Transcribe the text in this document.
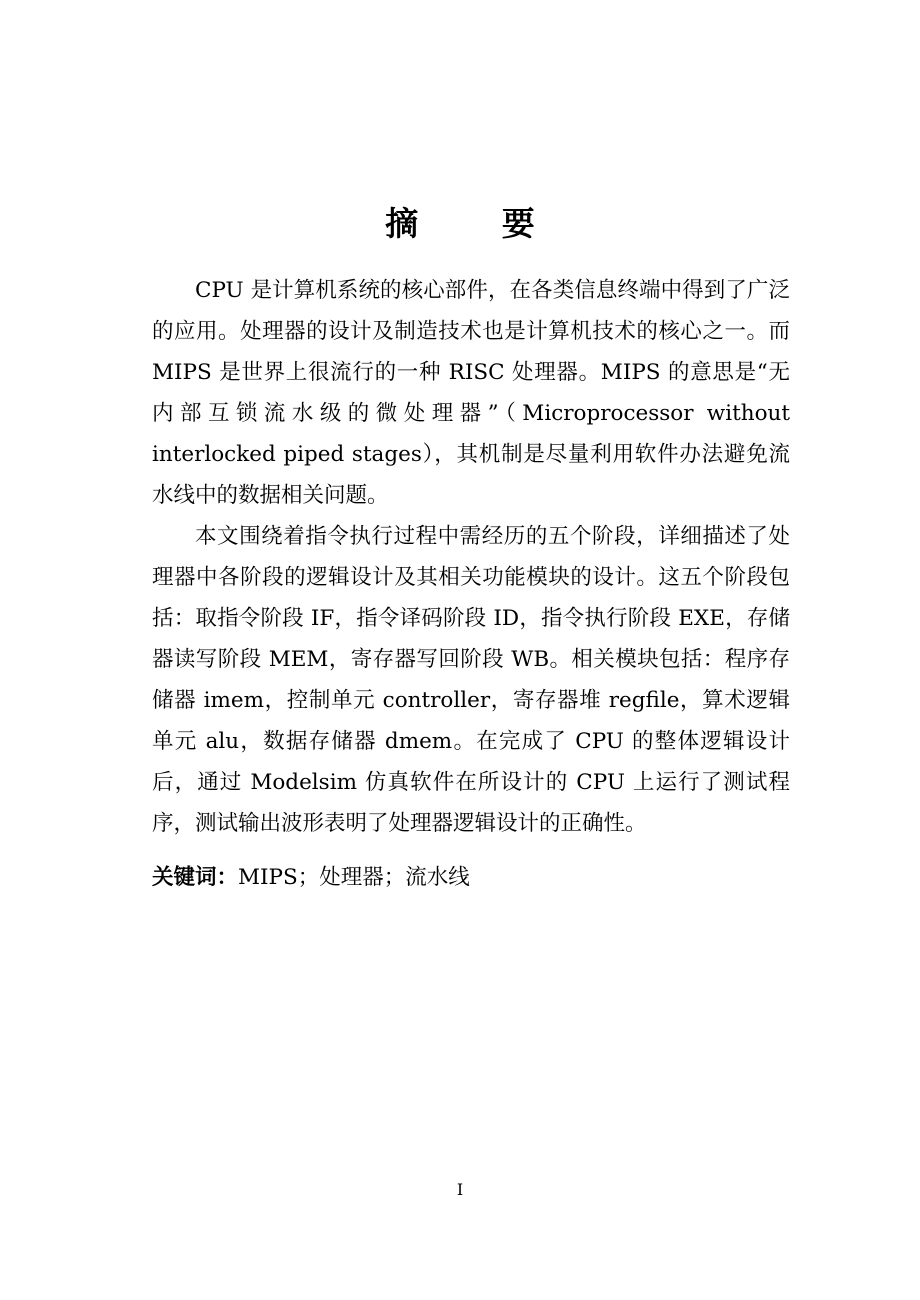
摘 要

CPU 是计算机系统的核心部件，在各类信息终端中得到了广泛的应用。处理器的设计及制造技术也是计算机技术的核心之一。而 MIPS 是世界上很流行的一种 RISC 处理器。MIPS 的意思是“无内部互锁流水级的微处理器”（Microprocessor without interlocked piped stages），其机制是尽量利用软件办法避免流水线中的数据相关问题。

本文围绕着指令执行过程中需经历的五个阶段，详细描述了处理器中各阶段的逻辑设计及其相关功能模块的设计。这五个阶段包括：取指令阶段 IF，指令译码阶段 ID，指令执行阶段 EXE，存储器读写阶段 MEM，寄存器写回阶段 WB。相关模块包括：程序存储器 imem，控制单元 controller，寄存器堆 regfile，算术逻辑单元 alu，数据存储器 dmem。在完成了 CPU 的整体逻辑设计后，通过 Modelsim 仿真软件在所设计的 CPU 上运行了测试程序，测试输出波形表明了处理器逻辑设计的正确性。

关键词：MIPS；处理器；流水线
I
